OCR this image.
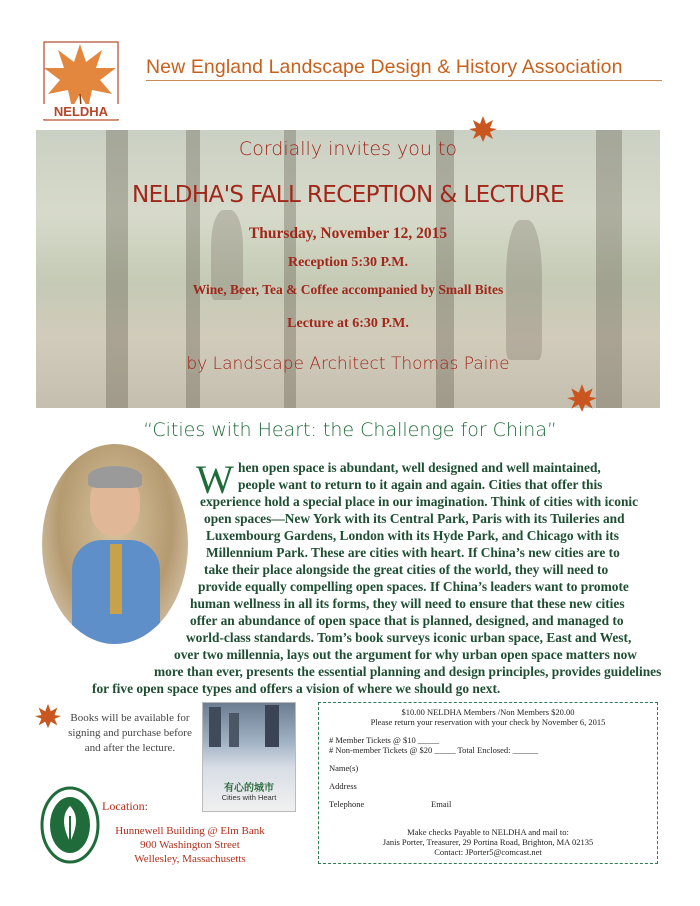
NELDHA
New England Landscape Design & History Association
Cordially invites you to
NELDHA'S FALL RECEPTION & LECTURE
Thursday, November 12, 2015
Reception 5:30 P.M.
Wine, Beer, Tea & Coffee accompanied by Small Bites
Lecture at 6:30 P.M.
by Landscape Architect Thomas Paine
“Cities with Heart: the Challenge for China”
W hen open space is abundant, well designed and well maintained,
people want to return to it again and again. Cities that offer this
experience hold a special place in our imagination. Think of cities with iconic
open spaces—New York with its Central Park, Paris with its Tuileries and
Luxembourg Gardens, London with its Hyde Park, and Chicago with its
Millennium Park. These are cities with heart. If China’s new cities are to
take their place alongside the great cities of the world, they will need to
provide equally compelling open spaces. If China’s leaders want to promote
human wellness in all its forms, they will need to ensure that these new cities
offer an abundance of open space that is planned, designed, and managed to
world-class standards. Tom’s book surveys iconic urban space, East and West,
over two millennia, lays out the argument for why urban open space matters now
more than ever, presents the essential planning and design principles, provides guidelines
for five open space types and offers a vision of where we should go next.
Books will be available for signing and purchase before and after the lecture.
有心的城市
Cities with Heart
$10.00 NELDHA Members /Non Members $20.00
Please return your reservation with your check by November 6, 2015
# Member Tickets @ $10 _____
# Non-member Tickets @ $20 _____ Total Enclosed: ______
Name(s)
Address
Telephone	Email
Make checks Payable to NELDHA and mail to:
Janis Porter, Treasurer, 29 Portina Road, Brighton, MA 02135
Contact: JPorter5@comcast.net
Location:
Hunnewell Building @ Elm Bank
900 Washington Street
Wellesley, Massachusetts
